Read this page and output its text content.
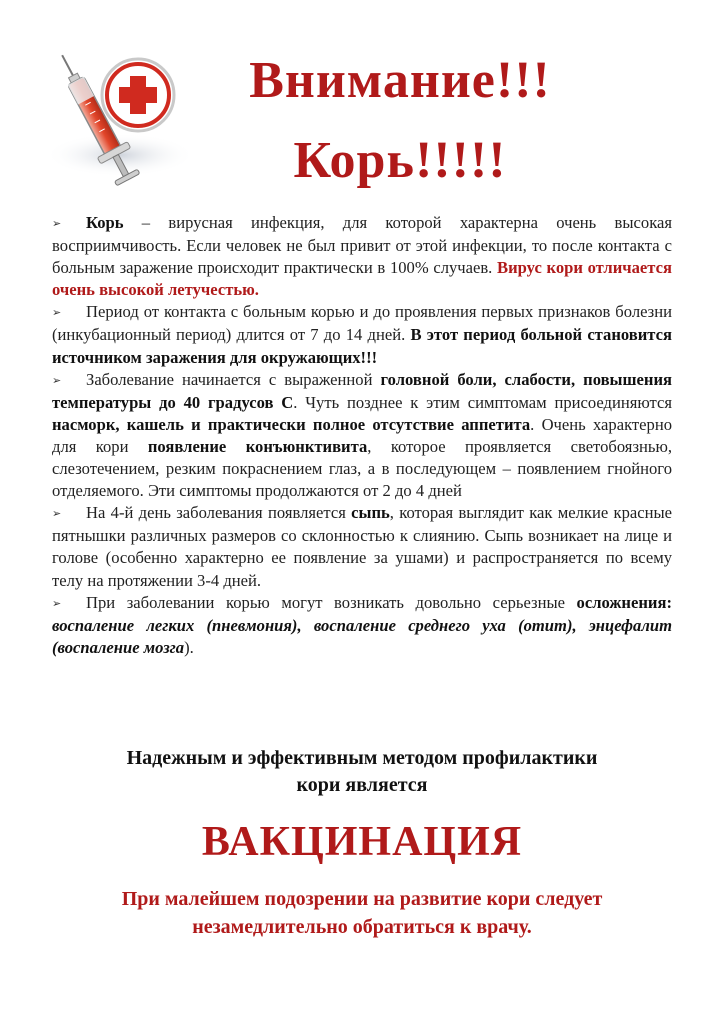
Внимание!!!
Корь!!!!!

➢ Корь – вирусная инфекция, для которой характерна очень высокая восприимчивость. Если человек не был привит от этой инфекции, то после контакта с больным заражение происходит практически в 100% случаев. Вирус кори отличается очень высокой летучестью.

➢ Период от контакта с больным корью и до проявления первых признаков болезни (инкубационный период) длится от 7 до 14 дней. В этот период больной становится источником заражения для окружающих!!!

➢ Заболевание начинается с выраженной головной боли, слабости, повышения температуры до 40 градусов С. Чуть позднее к этим симптомам присоединяются насморк, кашель и практически полное отсутствие аппетита. Очень характерно для кори появление конъюнктивита, которое проявляется светобоязнью, слезотечением, резким покраснением глаз, а в последующем – появлением гнойного отделяемого. Эти симптомы продолжаются от 2 до 4 дней

➢ На 4-й день заболевания появляется сыпь, которая выглядит как мелкие красные пятнышки различных размеров со склонностью к слиянию. Сыпь возникает на лице и голове (особенно характерно ее появление за ушами) и распространяется по всему телу на протяжении 3-4 дней.

➢ При заболевании корью могут возникать довольно серьезные осложнения: воспаление легких (пневмония), воспаление среднего уха (отит), энцефалит (воспаление мозга).

Надежным и эффективным методом профилактики
кори является
ВАКЦИНАЦИЯ
При малейшем подозрении на развитие кори следует
незамедлительно обратиться к врачу.
